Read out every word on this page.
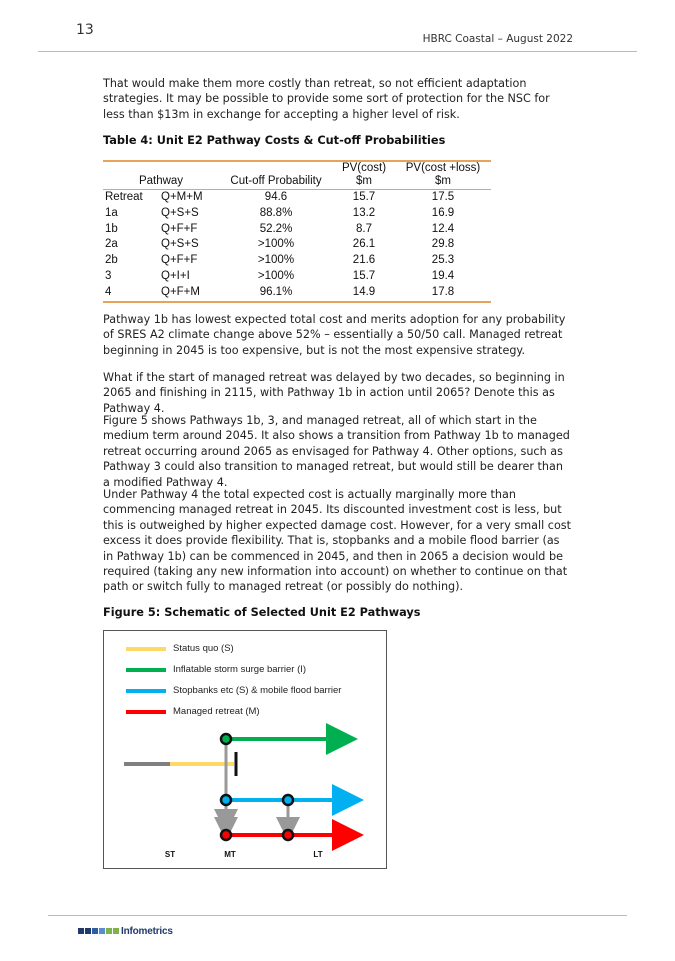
13
HBRC Coastal – August 2022

That would make them more costly than retreat, so not efficient adaptation strategies. It may be possible to provide some sort of protection for the NSC for less than $13m in exchange for accepting a higher level of risk.

Table 4: Unit E2 Pathway Costs & Cut-off Probabilities
Pathway		Cut-off Probability	PV(cost) $m	PV(cost +loss) $m
Retreat	Q+M+M	94.6	15.7	17.5
1a	Q+S+S	88.8%	13.2	16.9
1b	Q+F+F	52.2%	8.7	12.4
2a	Q+S+S	>100%	26.1	29.8
2b	Q+F+F	>100%	21.6	25.3
3	Q+I+I	>100%	15.7	19.4
4	Q+F+M	96.1%	14.9	17.8

Pathway 1b has lowest expected total cost and merits adoption for any probability of SRES A2 climate change above 52% – essentially a 50/50 call. Managed retreat beginning in 2045 is too expensive, but is not the most expensive strategy.

What if the start of managed retreat was delayed by two decades, so beginning in 2065 and finishing in 2115, with Pathway 1b in action until 2065? Denote this as Pathway 4.

Figure 5 shows Pathways 1b, 3, and managed retreat, all of which start in the medium term around 2045. It also shows a transition from Pathway 1b to managed retreat occurring around 2065 as envisaged for Pathway 4. Other options, such as Pathway 3 could also transition to managed retreat, but would still be dearer than a modified Pathway 4.

Under Pathway 4 the total expected cost is actually marginally more than commencing managed retreat in 2045. Its discounted investment cost is less, but this is outweighed by higher expected damage cost. However, for a very small cost excess it does provide flexibility. That is, stopbanks and a mobile flood barrier (as in Pathway 1b) can be commenced in 2045, and then in 2065 a decision would be required (taking any new information into account) on whether to continue on that path or switch fully to managed retreat (or possibly do nothing).

Figure 5: Schematic of Selected Unit E2 Pathways
Status quo (S)
Inflatable storm surge barrier (I)
Stopbanks etc (S) & mobile flood barrier
Managed retreat (M)
ST	MT	LT
Infometrics
